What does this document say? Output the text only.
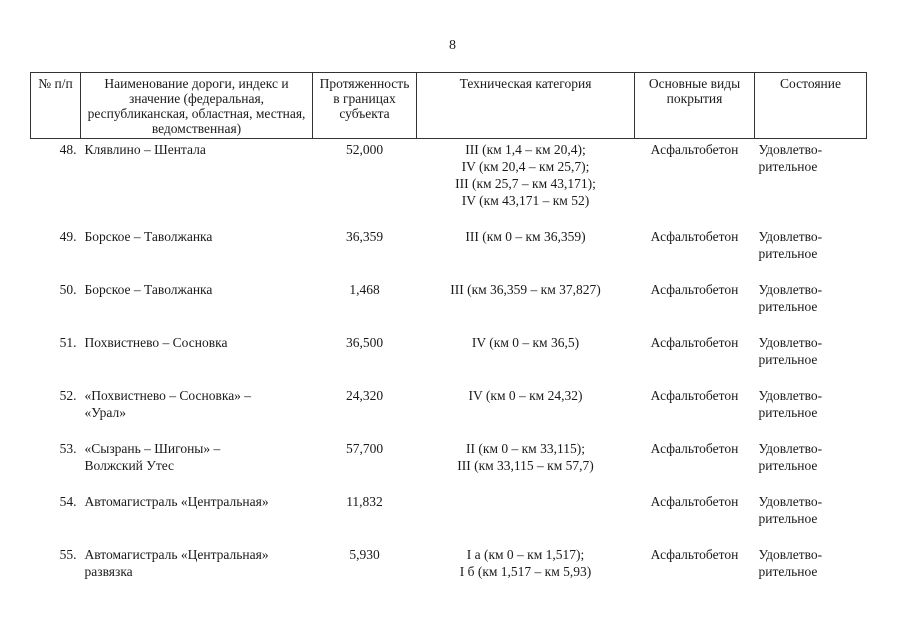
8
№ п/п	Наименование дороги, индекс и значение (федеральная, республиканская, областная, местная, ведомственная)	Протяженность в границах субъекта	Техническая категория	Основные виды покрытия	Состояние
48.	Клявлино – Шентала	52,000	III (км 1,4 – км 20,4);
IV (км 20,4 – км 25,7);
III (км 25,7 – км 43,171);
IV (км 43,171 – км 52)	Асфальтобетон	Удовлетво-
рительное

49.	Борское – Таволжанка	36,359	III (км 0 – км 36,359)	Асфальтобетон	Удовлетво-
рительное

50.	Борское – Таволжанка	1,468	III (км 36,359 – км 37,827)	Асфальтобетон	Удовлетво-
рительное

51.	Похвистнево – Сосновка	36,500	IV (км 0 – км 36,5)	Асфальтобетон	Удовлетво-
рительное

52.	«Похвистнево – Сосновка» –
«Урал»	24,320	IV (км 0 – км 24,32)	Асфальтобетон	Удовлетво-
рительное

53.	«Сызрань – Шигоны» –
Волжский Утес	57,700	II (км 0 – км 33,115);
III (км 33,115 – км 57,7)	Асфальтобетон	Удовлетво-
рительное

54.	Автомагистраль «Центральная»	11,832		Асфальтобетон	Удовлетво-
рительное

55.	Автомагистраль «Центральная»
развязка	5,930	I а (км 0 – км 1,517);
I б (км 1,517 – км 5,93)	Асфальтобетон	Удовлетво-
рительное
